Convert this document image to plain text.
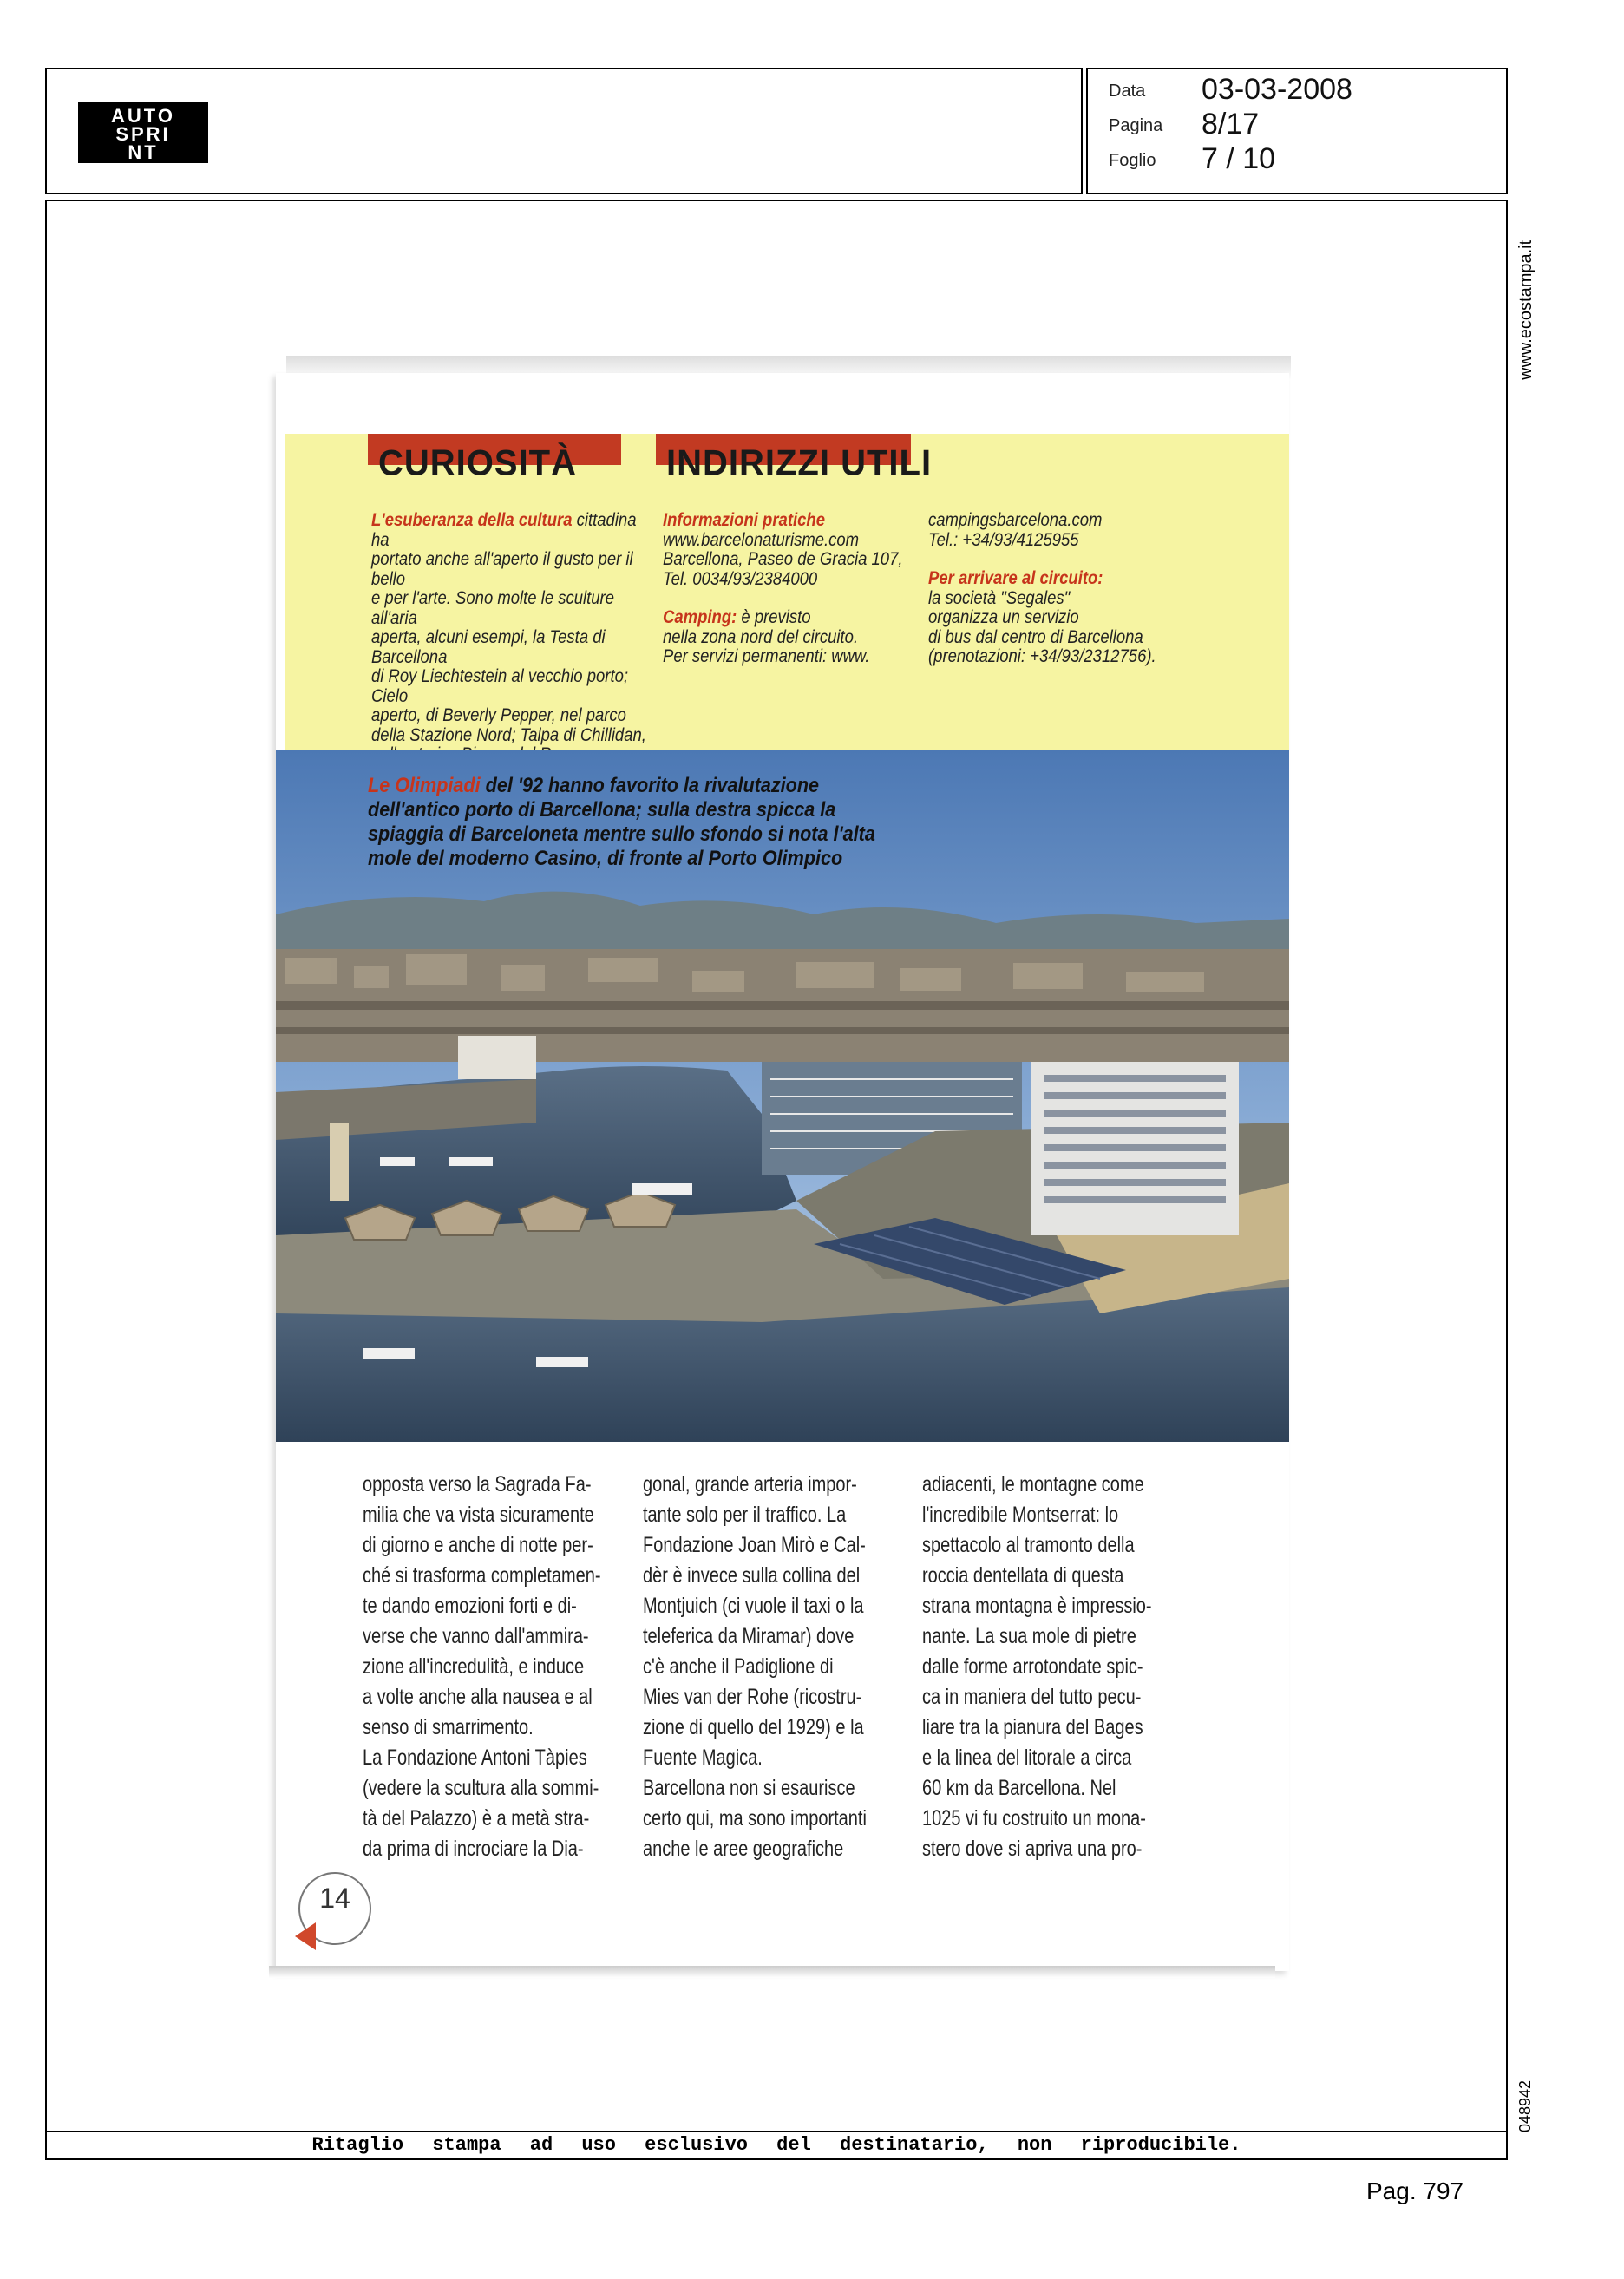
AUTO
SPRI
NT
Data 03-03-2008
Pagina 8/17
Foglio 7 / 10
www.ecostampa.it
048942
CURIOSITÀ
L'esuberanza della cultura cittadina ha
portato anche all'aperto il gusto per il bello
e per l'arte. Sono molte le sculture all'aria
aperta, alcuni esempi, la Testa di Barcellona
di Roy Liechtestein al vecchio porto; Cielo
aperto, di Beverly Pepper, nel parco
della Stazione Nord; Talpa di Chillidan,
INDIRIZZI UTILI
Informazioni pratiche
www.barcelonaturisme.com
Barcellona, Paseo de Gracia 107,
Tel. 0034/93/2384000
Camping: è previsto
nella zona nord del circuito.
Per servizi permanenti: www.
campingsbarcelona.com
Tel.: +34/93/4125955
Per arrivare al circuito:
la società "Segales"
organizza un servizio
di bus dal centro di Barcellona
(prenotazioni: +34/93/2312756).
Le Olimpiadi del '92 hanno favorito la rivalutazione dell'antico porto di Barcellona; sulla destra spicca la spiaggia di Barceloneta mentre sullo sfondo si nota l'alta mole del moderno Casino, di fronte al Porto Olimpico

opposta verso la Sagrada Fa-

milia che va vista sicuramente

di giorno e anche di notte per-

ché si trasforma completamen-

te dando emozioni forti e di-

verse che vanno dall'ammira-

zione all'incredulità, e induce

a volte anche alla nausea e al

senso di smarrimento.

La Fondazione Antoni Tàpies

(vedere la scultura alla sommi-

tà del Palazzo) è a metà stra-

da prima di incrociare la Dia-

gonal, grande arteria impor-

tante solo per il traffico. La

Fondazione Joan Mirò e Cal-

dèr è invece sulla collina del

Montjuich (ci vuole il taxi o la

teleferica da Miramar) dove

c'è anche il Padiglione di

Mies van der Rohe (ricostru-

zione di quello del 1929) e la

Fuente Magica.

Barcellona non si esaurisce

certo qui, ma sono importanti

anche le aree geografiche

adiacenti, le montagne come

l'incredibile Montserrat: lo

spettacolo al tramonto della

roccia dentellata di questa

strana montagna è impressio-

nante. La sua mole di pietre

dalle forme arrotondate spic-

ca in maniera del tutto pecu-

liare tra la pianura del Bages

e la linea del litorale a circa

60 km da Barcellona. Nel

1025 vi fu costruito un mona-

stero dove si apriva una pro-

14
Ritaglio stampa ad uso esclusivo del destinatario, non riproducibile.
Pag. 797
